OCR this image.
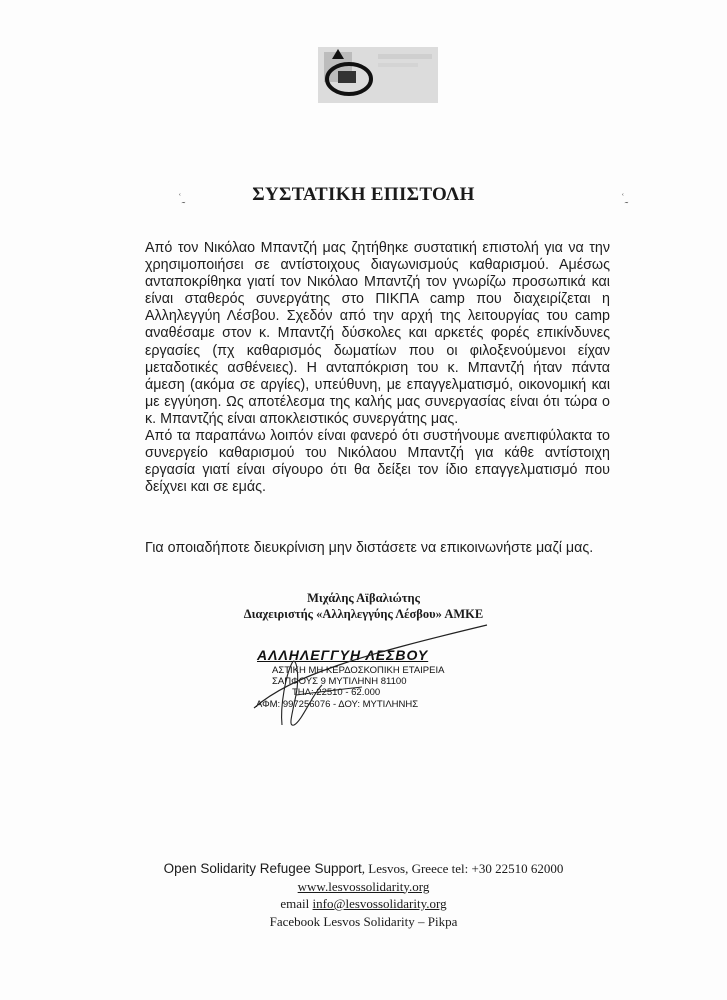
ʿ˷	ʿ˷
ΣΥΣΤΑΤΙΚΗ ΕΠΙΣΤΟΛΗ

Από τον Νικόλαο Μπαντζή μας ζητήθηκε συστατική επιστολή για να την χρησιμοποιήσει σε αντίστοιχους διαγωνισμούς καθαρισμού. Αμέσως ανταποκρίθηκα γιατί τον Νικόλαο Μπαντζή τον γνωρίζω προσωπικά και είναι σταθερός συνεργάτης στο ΠΙΚΠΑ camp που διαχειρίζεται η Αλληλεγγύη Λέσβου. Σχεδόν από την αρχή της λειτουργίας του camp αναθέσαμε στον κ. Μπαντζή δύσκολες και αρκετές φορές επικίνδυνες εργασίες (πχ καθαρισμός δωματίων που οι φιλοξενούμενοι είχαν μεταδοτικές ασθένειες). Η ανταπόκριση του κ. Μπαντζή ήταν πάντα άμεση (ακόμα σε αργίες), υπεύθυνη, με επαγγελματισμό, οικονομική και με εγγύηση. Ως αποτέλεσμα της καλής μας συνεργασίας είναι ότι τώρα ο κ. Μπαντζής είναι αποκλειστικός συνεργάτης μας.

Από τα παραπάνω λοιπόν είναι φανερό ότι συστήνουμε ανεπιφύλακτα το συνεργείο καθαρισμού του Νικόλαου Μπαντζή για κάθε αντίστοιχη εργασία γιατί είναι σίγουρο ότι θα δείξει τον ίδιο επαγγελματισμό που δείχνει και σε εμάς.

Για οποιαδήποτε διευκρίνιση μην διστάσετε να επικοινωνήστε μαζί μας.
Μιχάλης Αϊβαλιώτης
Διαχειριστής «Αλληλεγγύης Λέσβου» ΑΜΚΕ
ΑΛΛΗΛΕΓΓΥΗ ΛΕΣΒΟΥ
ΑΣΤΙΚΗ ΜΗ ΚΕΡΔΟΣΚΟΠΙΚΗ ΕΤΑΙΡΕΙΑ
ΣΑΠΦΟΥΣ 9 ΜΥΤΙΛΗΝΗ 81100
ΤΗΛ: 22510 - 62.000
ΑΦΜ: 997256076 - ΔΟΥ: ΜΥΤΙΛΗΝΗΣ
Open Solidarity Refugee Support, Lesvos, Greece tel: +30 22510 62000
www.lesvossolidarity.org
email info@lesvossolidarity.org
Facebook Lesvos Solidarity – Pikpa
